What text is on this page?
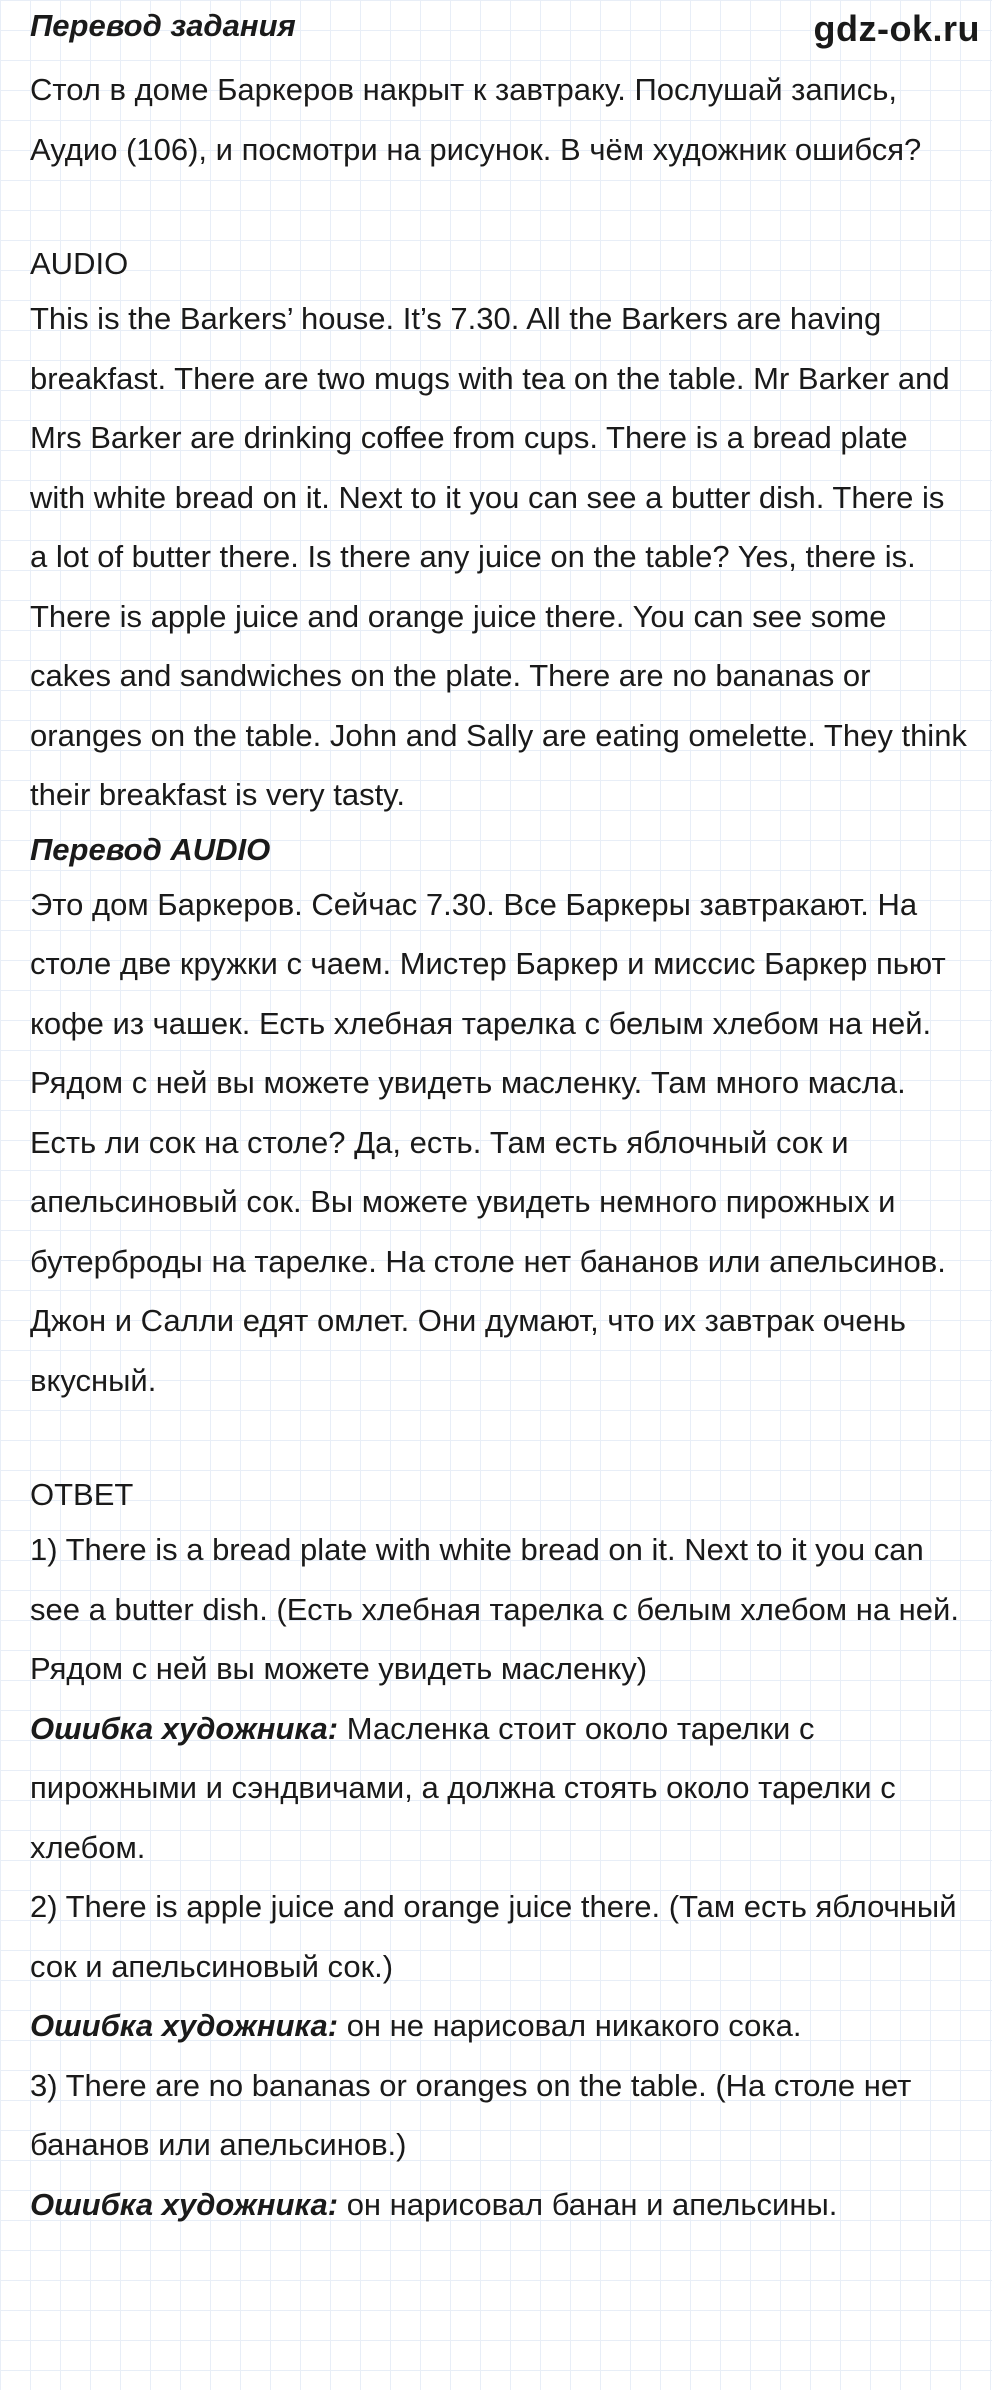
Перевод задания	gdz-ok.ru

Стол в доме Баркеров накрыт к завтраку. Послушай запись, Аудио (106), и посмотри на рисунок. В чём художник ошибся?

AUDIO

This is the Barkers’ house. It’s 7.30. All the Barkers are having breakfast. There are two mugs with tea on the table. Mr Barker and Mrs Barker are drinking coffee from cups. There is a bread plate with white bread on it. Next to it you can see a butter dish. There is a lot of butter there. Is there any juice on the table? Yes, there is. There is apple juice and orange juice there. You can see some cakes and sandwiches on the plate. There are no bananas or oranges on the table. John and Sally are eating omelette. They think their breakfast is very tasty.

Перевод AUDIO

Это дом Баркеров. Сейчас 7.30. Все Баркеры завтракают. На столе две кружки с чаем. Мистер Баркер и миссис Баркер пьют кофе из чашек. Есть хлебная тарелка с белым хлебом на ней. Рядом с ней вы можете увидеть масленку. Там много масла. Есть ли сок на столе? Да, есть. Там есть яблочный сок и апельсиновый сок. Вы можете увидеть немного пирожных и бутерброды на тарелке. На столе нет бананов или апельсинов. Джон и Салли едят омлет. Они думают, что их завтрак очень вкусный.

ОТВЕТ

1) There is a bread plate with white bread on it. Next to it you can see a butter dish. (Есть хлебная тарелка с белым хлебом на ней. Рядом с ней вы можете увидеть масленку)

Ошибка художника: Масленка стоит около тарелки с пирожными и сэндвичами, а должна стоять около тарелки с хлебом.

2) There is apple juice and orange juice there. (Там есть яблочный сок и апельсиновый сок.)

Ошибка художника: он не нарисовал никакого сока.

3) There are no bananas or oranges on the table. (На столе нет бананов или апельсинов.)

Ошибка художника: он нарисовал банан и апельсины.
